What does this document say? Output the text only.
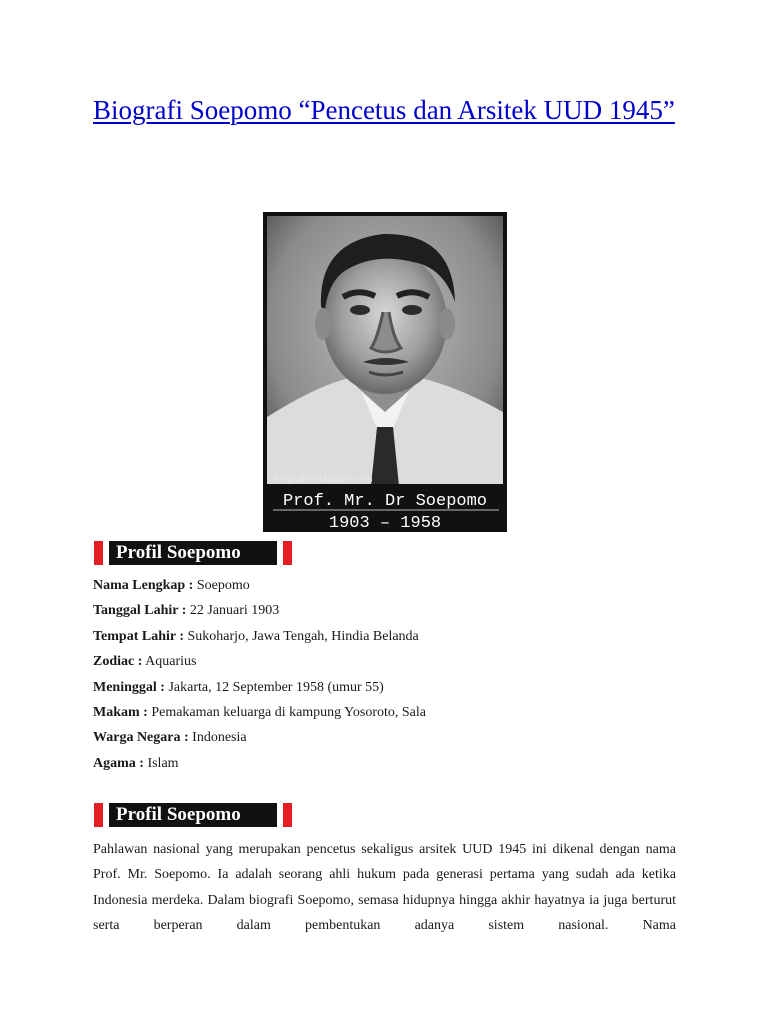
Biografi Soepomo “Pencetus dan Arsitek UUD 1945”
BiografiPahlawan.com
Prof. Mr. Dr Soepomo
1903 – 1958
Profil Soepomo
Nama Lengkap : Soepomo
Tanggal Lahir : 22 Januari 1903
Tempat Lahir : Sukoharjo, Jawa Tengah, Hindia Belanda
Zodiac : Aquarius
Meninggal : Jakarta, 12 September 1958 (umur 55)
Makam : Pemakaman keluarga di kampung Yosoroto, Sala
Warga Negara : Indonesia
Agama : Islam
Profil Soepomo

Pahlawan nasional yang merupakan pencetus sekaligus arsitek UUD 1945 ini dikenal dengan nama Prof. Mr. Soepomo. Ia adalah seorang ahli hukum pada generasi pertama yang sudah ada ketika Indonesia merdeka. Dalam biografi Soepomo, semasa hidupnya hingga akhir hayatnya ia juga berturut serta berperan dalam pembentukan adanya sistem nasional. Nama
